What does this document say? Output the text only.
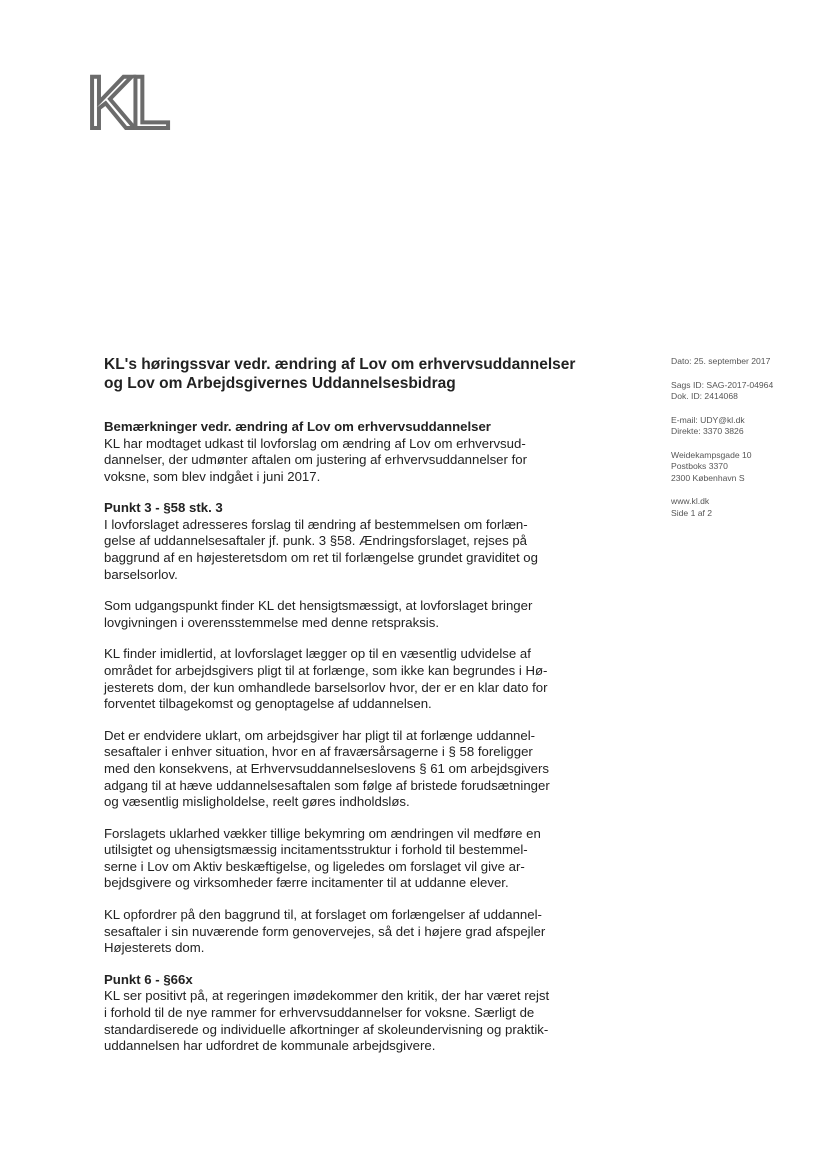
KL
Dato: 25. september 2017
Sags ID: SAG-2017-04964
Dok. ID: 2414068
E-mail: UDY@kl.dk
Direkte: 3370 3826
Weidekampsgade 10
Postboks 3370
2300 København S
www.kl.dk
Side 1 af 2
KL's høringssvar vedr. ændring af Lov om erhvervsuddannelser
og Lov om Arbejdsgivernes Uddannelsesbidrag
Bemærkninger vedr. ændring af Lov om erhvervsuddannelser

KL har modtaget udkast til lovforslag om ændring af Lov om erhvervsud-
dannelser, der udmønter aftalen om justering af erhvervsuddannelser for
voksne, som blev indgået i juni 2017.

Punkt 3 - §58 stk. 3

I lovforslaget adresseres forslag til ændring af bestemmelsen om forlæn-
gelse af uddannelsesaftaler jf. punk. 3 §58. Ændringsforslaget, rejses på
baggrund af en højesteretsdom om ret til forlængelse grundet graviditet og
barselsorlov.

Som udgangspunkt finder KL det hensigtsmæssigt, at lovforslaget bringer
lovgivningen i overensstemmelse med denne retspraksis.

KL finder imidlertid, at lovforslaget lægger op til en væsentlig udvidelse af
området for arbejdsgivers pligt til at forlænge, som ikke kan begrundes i Hø-
jesterets dom, der kun omhandlede barselsorlov hvor, der er en klar dato for
forventet tilbagekomst og genoptagelse af uddannelsen.

Det er endvidere uklart, om arbejdsgiver har pligt til at forlænge uddannel-
sesaftaler i enhver situation, hvor en af fraværsårsagerne i § 58 foreligger
med den konsekvens, at Erhvervsuddannelseslovens § 61 om arbejdsgivers
adgang til at hæve uddannelsesaftalen som følge af bristede forudsætninger
og væsentlig misligholdelse, reelt gøres indholdsløs.

Forslagets uklarhed vækker tillige bekymring om ændringen vil medføre en
utilsigtet og uhensigtsmæssig incitamentsstruktur i forhold til bestemmel-
serne i Lov om Aktiv beskæftigelse, og ligeledes om forslaget vil give ar-
bejdsgivere og virksomheder færre incitamenter til at uddanne elever.

KL opfordrer på den baggrund til, at forslaget om forlængelser af uddannel-
sesaftaler i sin nuværende form genovervejes, så det i højere grad afspejler
Højesterets dom.

Punkt 6 - §66x

KL ser positivt på, at regeringen imødekommer den kritik, der har været rejst
i forhold til de nye rammer for erhvervsuddannelser for voksne. Særligt de
standardiserede og individuelle afkortninger af skoleundervisning og praktik-
uddannelsen har udfordret de kommunale arbejdsgivere.
